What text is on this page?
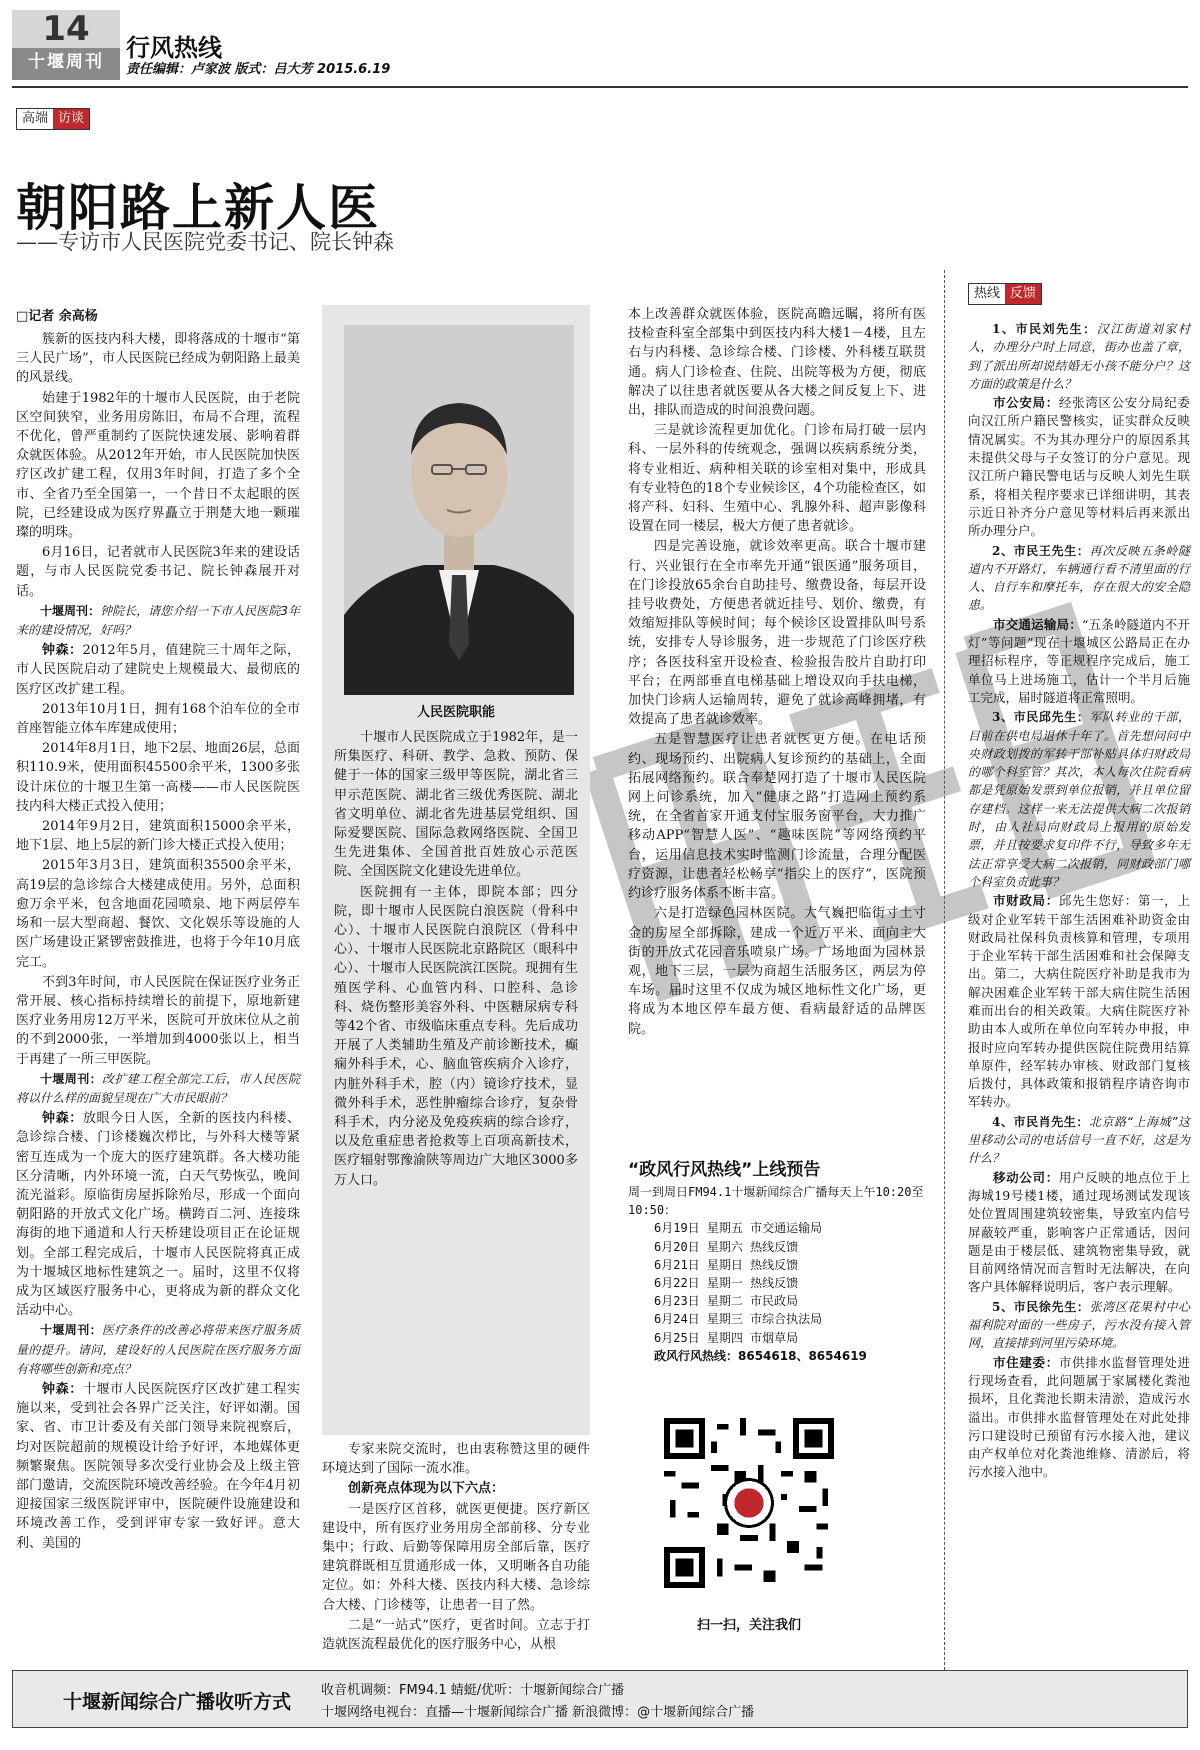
14
十堰周刊 行风热线
责任编辑：卢家波 版式：吕大芳 2015.6.19
高端 访谈
朝阳路上新人医
——专访市人民医院党委书记、院长钟森
□记者 余高杨

簇新的医技内科大楼，即将落成的十堰市“第三人民广场”，市人民医院已经成为朝阳路上最美的风景线。

始建于1982年的十堰市人民医院，由于老院区空间狭窄，业务用房陈旧，布局不合理，流程不优化，曾严重制约了医院快速发展、影响着群众就医体验。从2012年开始，市人民医院加快医疗区改扩建工程，仅用3年时间，打造了多个全市、全省乃至全国第一，一个昔日不太起眼的医院，已经建设成为医疗界矗立于荆楚大地一颗璀璨的明珠。

6月16日，记者就市人民医院3年来的建设话题，与市人民医院党委书记、院长钟森展开对话。

十堰周刊：钟院长，请您介绍一下市人民医院3年来的建设情况，好吗？

钟森：2012年5月，值建院三十周年之际，市人民医院启动了建院史上规模最大、最彻底的医疗区改扩建工程。

2013年10月1日，拥有168个泊车位的全市首座智能立体车库建成使用；

2014年8月1日，地下2层、地面26层，总面积110.9米，使用面积45500余平米，1300多张设计床位的十堰卫生第一高楼——市人民医院医技内科大楼正式投入使用；

2014年9月2日，建筑面积15000余平米，地下1层、地上5层的新门诊大楼正式投入使用；

2015年3月3日，建筑面积35500余平米，高19层的急诊综合大楼建成使用。另外，总面积愈万余平米，包含地面花园喷泉、地下两层停车场和一层大型商超、餐饮、文化娱乐等设施的人医广场建设正紧锣密鼓推进，也将于今年10月底完工。

不到3年时间，市人民医院在保证医疗业务正常开展、核心指标持续增长的前提下，原地新建医疗业务用房12万平米，医院可开放床位从之前的不到2000张，一举增加到4000张以上，相当于再建了一所三甲医院。

十堰周刊：改扩建工程全部完工后，市人民医院将以什么样的面貌呈现在广大市民眼前？

钟森：放眼今日人医，全新的医技内科楼、急诊综合楼、门诊楼巍次栉比，与外科大楼等紧密互连成为一个庞大的医疗建筑群。各大楼功能区分清晰，内外环境一流，白天气势恢弘，晚间流光溢彩。原临街房屋拆除殆尽，形成一个面向朝阳路的开放式文化广场。横跨百二河、连接珠海街的地下通道和人行天桥建设项目正在论证规划。全部工程完成后，十堰市人民医院将真正成为十堰城区地标性建筑之一。届时，这里不仅将成为区域医疗服务中心，更将成为新的群众文化活动中心。

十堰周刊：医疗条件的改善必将带来医疗服务质量的提升。请问，建设好的人民医院在医疗服务方面有将哪些创新和亮点？

钟森：十堰市人民医院医疗区改扩建工程实施以来，受到社会各界广泛关注，好评如潮。国家、省、市卫计委及有关部门领导来院视察后，均对医院超前的规模设计给予好评，本地媒体更频繁聚焦。医院领导多次受行业协会及上级主管部门邀请，交流医院环境改善经验。在今年4月初迎接国家三级医院评审中，医院硬件设施建设和环境改善工作，受到评审专家一致好评。意大利、美国的

人民医院职能

十堰市人民医院成立于1982年，是一所集医疗、科研、教学、急救、预防、保健于一体的国家三级甲等医院，湖北省三甲示范医院、湖北省三级优秀医院、湖北省文明单位、湖北省先进基层党组织、国际爱婴医院、国际急救网络医院、全国卫生先进集体、全国首批百姓放心示范医院、全国医院文化建设先进单位。

医院拥有一主体，即院本部；四分院，即十堰市人民医院白浪医院（骨科中心）、十堰市人民医院白浪院区（骨科中心）、十堰市人民医院北京路院区（眼科中心）、十堰市人民医院滨江医院。现拥有生殖医学科、心血管内科、口腔科、急诊科、烧伤整形美容外科、中医糖尿病专科等42个省、市级临床重点专科。先后成功开展了人类辅助生殖及产前诊断技术，癫痫外科手术，心、脑血管疾病介入诊疗，内脏外科手术，腔（内）镜诊疗技术，显微外科手术，恶性肿瘤综合诊疗，复杂骨科手术，内分泌及免疫疾病的综合诊疗，以及危重症患者抢救等上百项高新技术，医疗辐射鄂豫渝陕等周边广大地区3000多万人口。

专家来院交流时，也由衷称赞这里的硬件环境达到了国际一流水准。

创新亮点体现为以下六点：

一是医疗区首移，就医更便捷。医疗新区建设中，所有医疗业务用房全部前移、分专业集中；行政、后勤等保障用房全部后靠，医疗建筑群既相互贯通形成一体，又明晰各自功能定位。如：外科大楼、医技内科大楼、急诊综合大楼、门诊楼等，让患者一目了然。

二是“一站式”医疗，更省时间。立志于打造就医流程最优化的医疗服务中心，从根

本上改善群众就医体验，医院高瞻远瞩，将所有医技检查科室全部集中到医技内科大楼1－4楼，且左右与内科楼、急诊综合楼、门诊楼、外科楼互联贯通。病人门诊检查、住院、出院等极为方便，彻底解决了以往患者就医要从各大楼之间反复上下、进出，排队而造成的时间浪费问题。

三是就诊流程更加优化。门诊布局打破一层内科、一层外科的传统观念，强调以疾病系统分类，将专业相近、病种相关联的诊室相对集中，形成具有专业特色的18个专业候诊区，4个功能检查区，如将产科、妇科、生殖中心、乳腺外科、超声影像科设置在同一楼层，极大方便了患者就诊。

四是完善设施，就诊效率更高。联合十堰市建行、兴业银行在全市率先开通“银医通”服务项目，在门诊投放65余台自助挂号、缴费设备，每层开设挂号收费处，方便患者就近挂号、划价、缴费，有效缩短排队等候时间；每个候诊区设置排队叫号系统，安排专人导诊服务，进一步规范了门诊医疗秩序；各医技科室开设检查、检验报告胶片自助打印平台；在两部垂直电梯基础上增设双向手扶电梯，加快门诊病人运输周转，避免了就诊高峰拥堵，有效提高了患者就诊效率。

五是智慧医疗让患者就医更方便。在电话预约、现场预约、出院病人复诊预约的基础上，全面拓展网络预约。联合奉楚网打造了十堰市人民医院网上问诊系统，加入“健康之路”打造网上预约系统，在全省首家开通支付宝服务窗平台，大力推广移动APP“智慧人医”、“趣味医院”等网络预约平台，运用信息技术实时监测门诊流量，合理分配医疗资源，让患者轻松畅享“指尖上的医疗”，医院预约诊疗服务体系不断丰富。

六是打造绿色园林医院。大气巍把临街寸土寸金的房屋全部拆除，建成一个近万平米、面向主大街的开放式花园音乐喷泉广场。广场地面为园林景观，地下三层，一层为商超生活服务区，两层为停车场。届时这里不仅成为城区地标性文化广场，更将成为本地区停车最方便、看病最舒适的品牌医院。

“政风行风热线”上线预告
周一到周日FM94.1十堰新闻综合广播每天上午10:20至10:50：
6月19日 星期五 市交通运输局
6月20日 星期六 热线反馈
6月21日 星期日 热线反馈
6月22日 星期一 热线反馈
6月23日 星期二 市民政局
6月24日 星期三 市综合执法局
6月25日 星期四 市烟草局
政风行风热线：8654618、8654619
扫一扫，关注我们
热线 反馈

1、市民刘先生：汉江街道刘家村人，办理分户时上同意，街办也盖了章，到了派出所却说结婚无小孩不能分户？这方面的政策是什么？

市公安局：经张湾区公安分局纪委向汉江所户籍民警核实，证实群众反映情况属实。不为其办理分户的原因系其未提供父母与子女签订的分户意见。现汉江所户籍民警电话与反映人刘先生联系，将相关程序要求已详细讲明，其表示近日补齐分户意见等材料后再来派出所办理分户。

2、市民王先生：再次反映五条岭隧道内不开路灯，车辆通行看不清里面的行人、自行车和摩托车，存在很大的安全隐患。

市交通运输局：“五条岭隧道内不开灯”等问题”现在十堰城区公路局正在办理招标程序，等正规程序完成后，施工单位马上进场施工，估计一个半月后施工完成，届时隧道将正常照明。

3、市民邱先生：军队转业的干部，目前在供电局退休十年了。首先想问问中央财政划拨的军转干部补贴具体归财政局的哪个科室管？其次，本人每次住院看病都是凭原始发票到单位报销，并且单位留存建档。这样一来无法提供大病二次报销时，由人社局向财政局上报用的原始发票，并且按要求复印件不行，导致多年无法正常享受大病二次报销，同财政部门哪个科室负责此事？

市财政局：邱先生您好：第一，上级对企业军转干部生活困难补助资金由财政局社保科负责核算和管理，专项用于企业军转干部生活困难和社会保障支出。第二，大病住院医疗补助是我市为解决困难企业军转干部大病住院生活困难而出台的相关政策。大病住院医疗补助由本人或所在单位向军转办申报，申报时应向军转办提供医院住院费用结算单原件，经军转办审核、财政部门复核后拨付，具体政策和报销程序请咨询市军转办。

4、市民肖先生：北京路“上海城”这里移动公司的电话信号一直不好，这是为什么？

移动公司：用户反映的地点位于上海城19号楼1楼，通过现场测试发现该处位置周围建筑较密集，导致室内信号屏蔽较严重，影响客户正常通话，因问题是由于楼层低、建筑物密集导致，就目前网络情况而言暂时无法解决，在向客户具体解释说明后，客户表示理解。

5、市民徐先生：张湾区花果村中心福利院对面的一些房子，污水没有接入管网，直接排到河里污染环境。

市住建委：市供排水监督管理处进行现场查看，此问题属于家属楼化粪池损坏，且化粪池长期未清淤，造成污水溢出。市供排水监督管理处在对此处排污口建设时已预留有污水接入池，建议由产权单位对化粪池维修、清淤后，将污水接入池中。

十堰新闻综合广播收听方式
收音机调频：FM94.1 蜻蜓/优听：十堰新闻综合广播
十堰网络电视台：直播—十堰新闻综合广播 新浪微博：@十堰新闻综合广播
